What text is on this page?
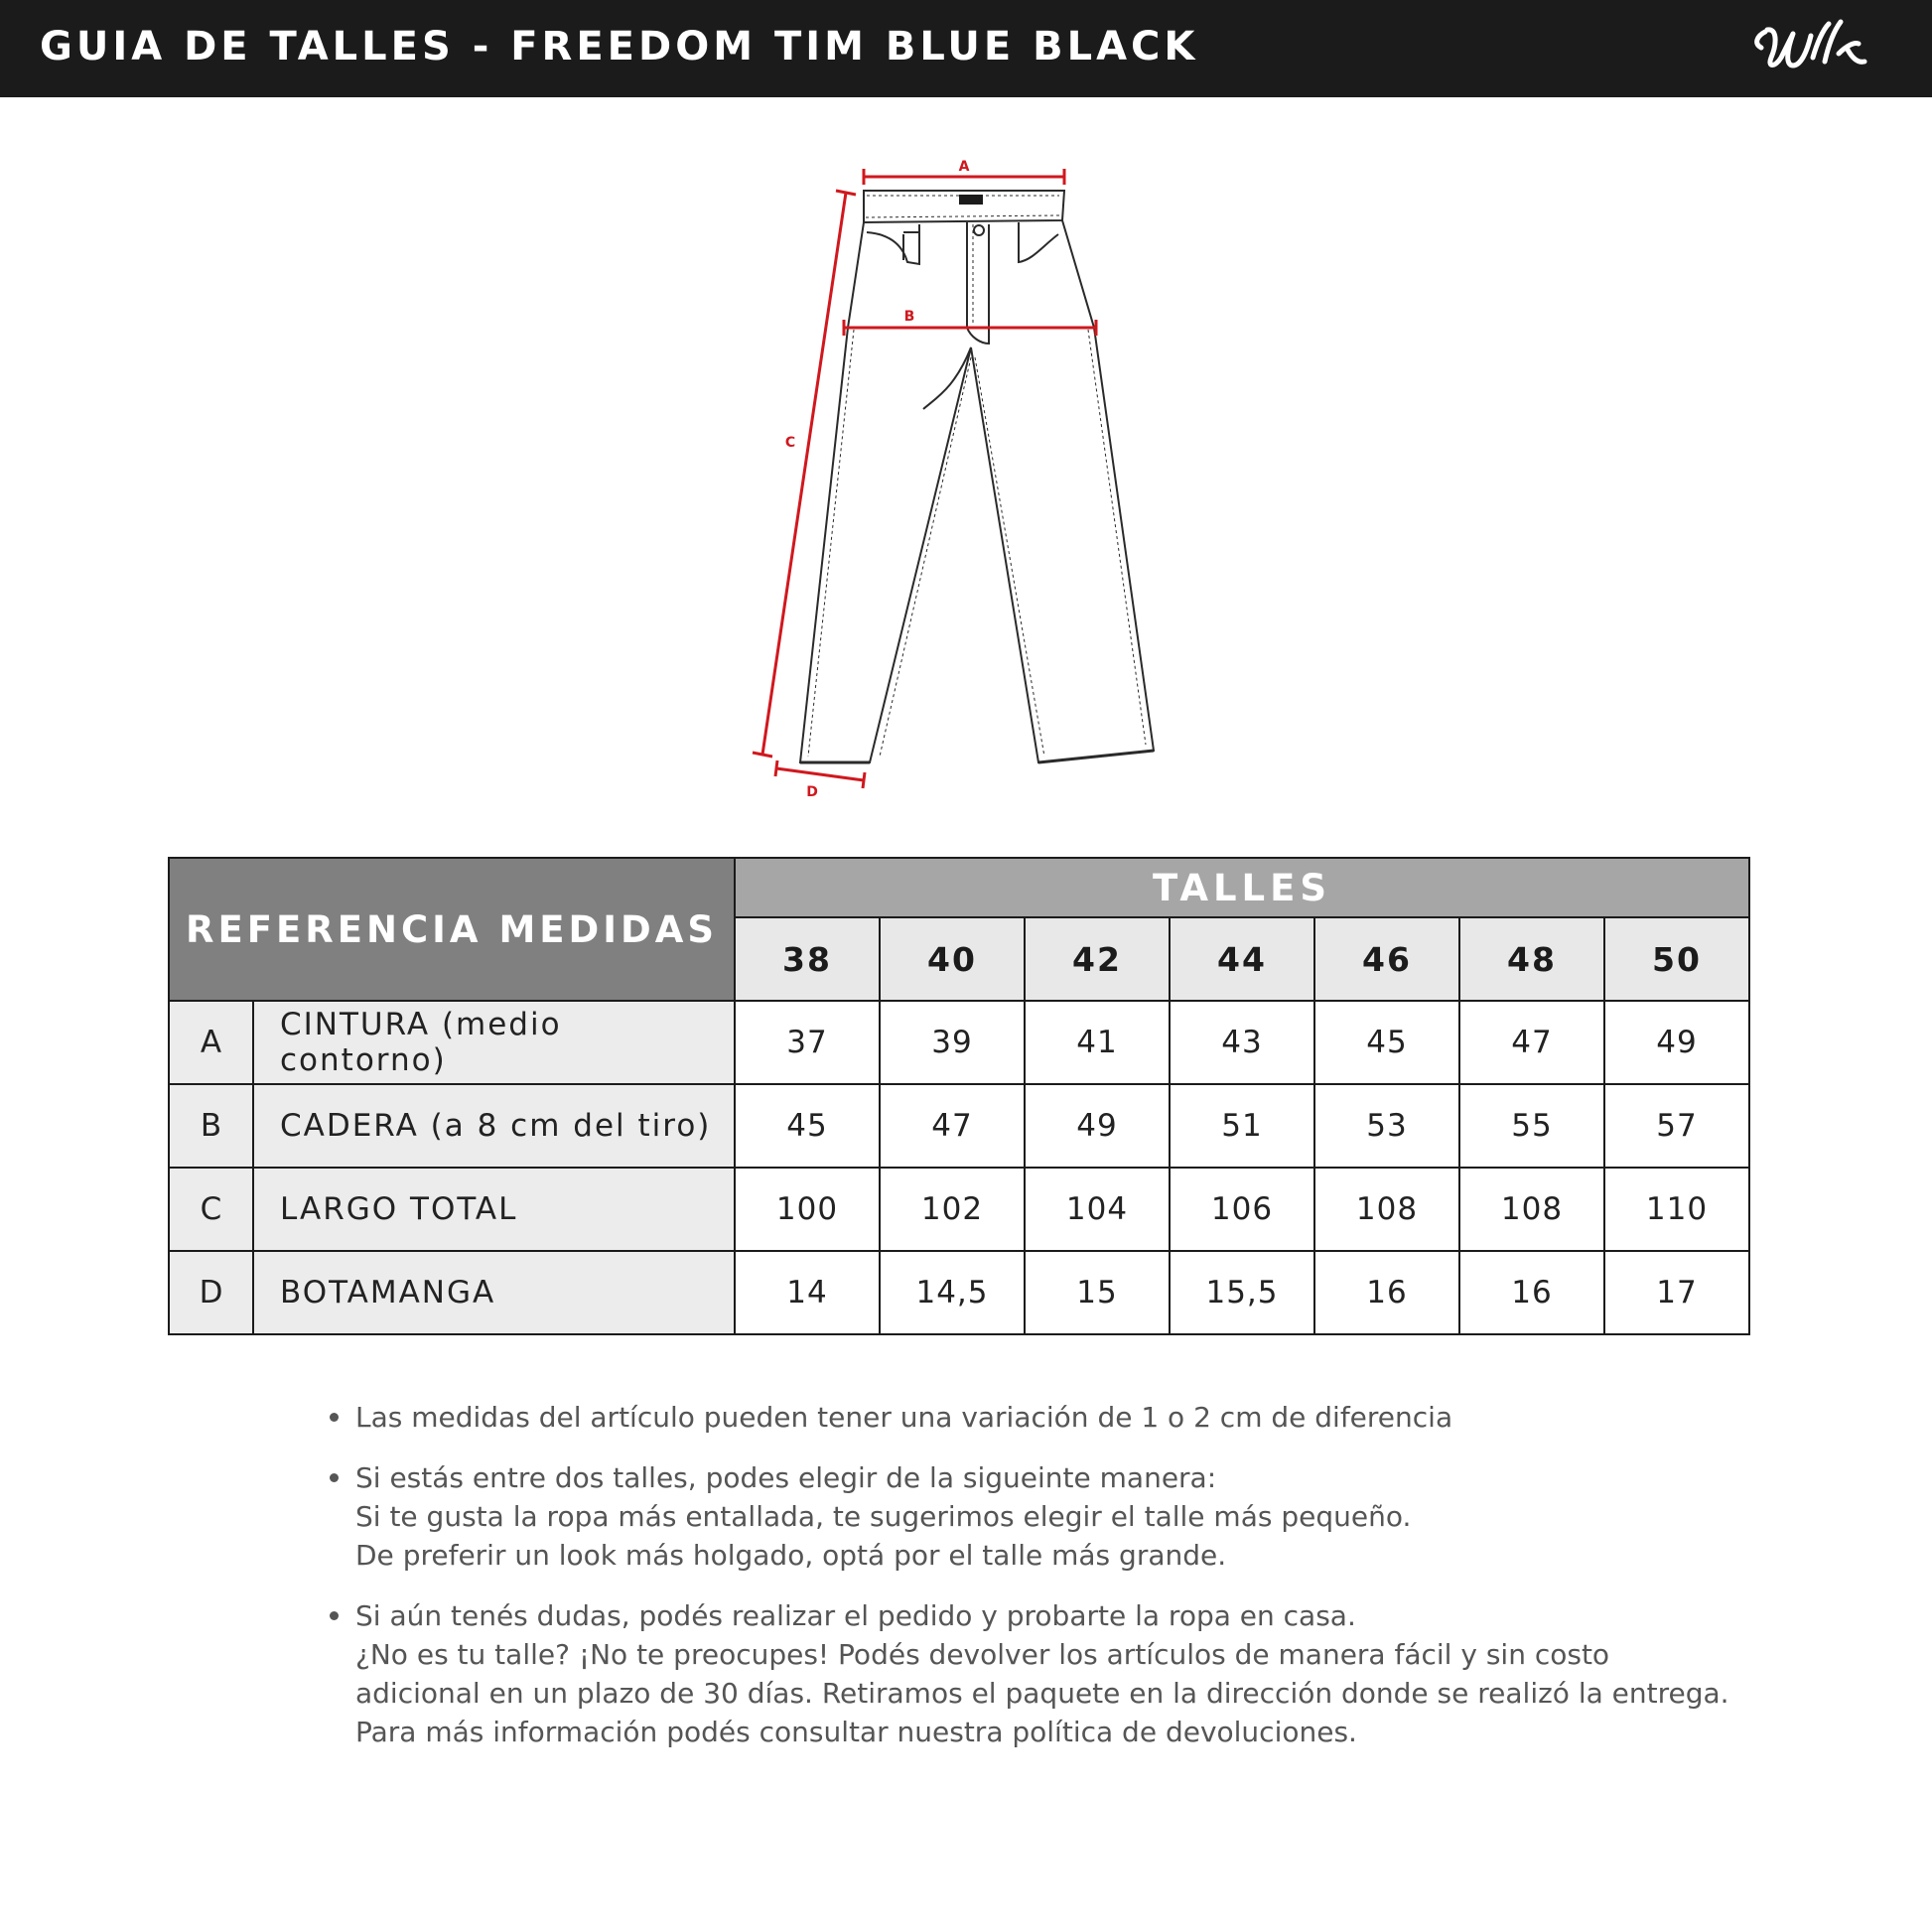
GUIA DE TALLES - FREEDOM TIM BLUE BLACK
Vulk
A
B
C
D
REFERENCIA MEDIDAS		TALLES						
		38	40	42	44	46	48	50
A	CINTURA (medio contorno)	37	39	41	43	45	47	49
B	CADERA (a 8 cm del tiro)	45	47	49	51	53	55	57
C	LARGO TOTAL	100	102	104	106	108	108	110
D	BOTAMANGA	14	14,5	15	15,5	16	16	17
Las medidas del artículo pueden tener una variación de 1 o 2 cm de diferencia
Si estás entre dos talles, podes elegir de la sigueinte manera:
Si te gusta la ropa más entallada, te sugerimos elegir el talle más pequeño.
De preferir un look más holgado, optá por el talle más grande.
Si aún tenés dudas, podés realizar el pedido y probarte la ropa en casa.
¿No es tu talle? ¡No te preocupes! Podés devolver los artículos de manera fácil y sin costo
adicional en un plazo de 30 días. Retiramos el paquete en la dirección donde se realizó la entrega.
Para más información podés consultar nuestra política de devoluciones.
